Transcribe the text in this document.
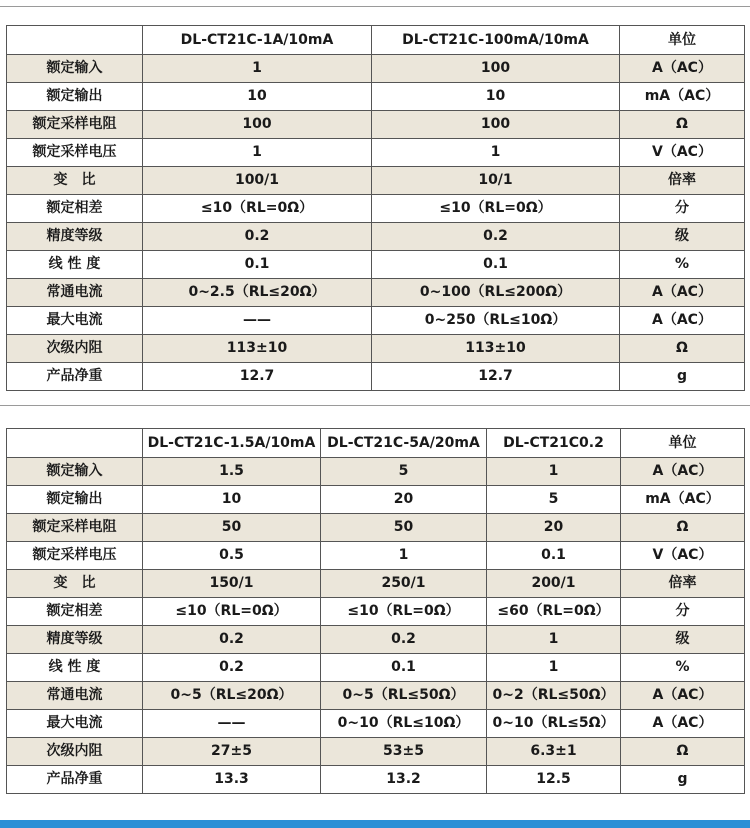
	DL-CT21C-1A/10mA	DL-CT21C-100mA/10mA	单位
额定输入	1	100	A（AC）
额定输出	10	10	mA（AC）
额定采样电阻	100	100	Ω
额定采样电压	1	1	V（AC）
变　比	100/1	10/1	倍率
额定相差	≤10（RL=0Ω）	≤10（RL=0Ω）	分
精度等级	0.2	0.2	级
线 性 度	0.1	0.1	%
常通电流	0~2.5（RL≤20Ω）	0~100（RL≤200Ω）	A（AC）
最大电流	——	0~250（RL≤10Ω）	A（AC）
次级内阻	113±10	113±10	Ω
产品净重	12.7	12.7	g
	DL-CT21C-1.5A/10mA	DL-CT21C-5A/20mA	DL-CT21C0.2	单位
额定输入	1.5	5	1	A（AC）
额定输出	10	20	5	mA（AC）
额定采样电阻	50	50	20	Ω
额定采样电压	0.5	1	0.1	V（AC）
变　比	150/1	250/1	200/1	倍率
额定相差	≤10（RL=0Ω）	≤10（RL=0Ω）	≤60（RL=0Ω）	分
精度等级	0.2	0.2	1	级
线 性 度	0.2	0.1	1	%
常通电流	0~5（RL≤20Ω）	0~5（RL≤50Ω）	0~2（RL≤50Ω）	A（AC）
最大电流	——	0~10（RL≤10Ω）	0~10（RL≤5Ω）	A（AC）
次级内阻	27±5	53±5	6.3±1	Ω
产品净重	13.3	13.2	12.5	g
